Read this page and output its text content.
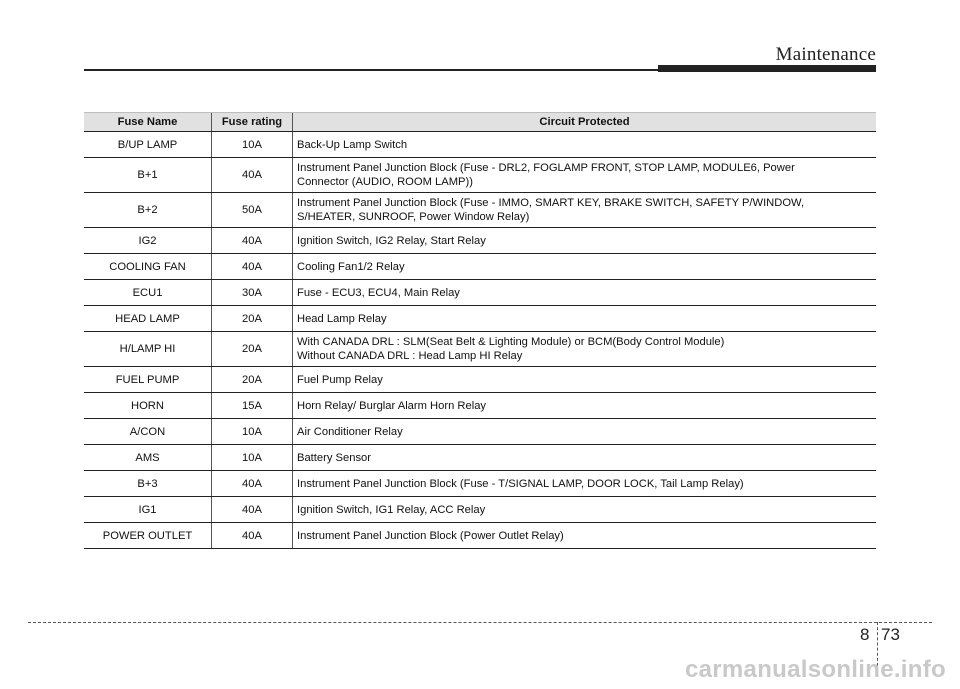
Maintenance
Fuse Name	Fuse rating	Circuit Protected
B/UP LAMP	10A	Back-Up Lamp Switch

B+1	40A	Instrument Panel Junction Block (Fuse - DRL2, FOGLAMP FRONT, STOP LAMP, MODULE6, Power
Connector (AUDIO, ROOM LAMP))

B+2	50A	Instrument Panel Junction Block (Fuse - IMMO, SMART KEY, BRAKE SWITCH, SAFETY P/WINDOW,
S/HEATER, SUNROOF, Power Window Relay)

IG2	40A	Ignition Switch, IG2 Relay, Start Relay

COOLING FAN	40A	Cooling Fan1/2 Relay

ECU1	30A	Fuse - ECU3, ECU4, Main Relay

HEAD LAMP	20A	Head Lamp Relay

H/LAMP HI	20A	With CANADA DRL : SLM(Seat Belt & Lighting Module) or BCM(Body Control Module)
Without CANADA DRL : Head Lamp HI Relay

FUEL PUMP	20A	Fuel Pump Relay

HORN	15A	Horn Relay/ Burglar Alarm Horn Relay

A/CON	10A	Air Conditioner Relay

AMS	10A	Battery Sensor

B+3	40A	Instrument Panel Junction Block (Fuse - T/SIGNAL LAMP, DOOR LOCK, Tail Lamp Relay)

IG1	40A	Ignition Switch, IG1 Relay, ACC Relay

POWER OUTLET	40A	Instrument Panel Junction Block (Power Outlet Relay)
8 73
carmanualsonline.info
